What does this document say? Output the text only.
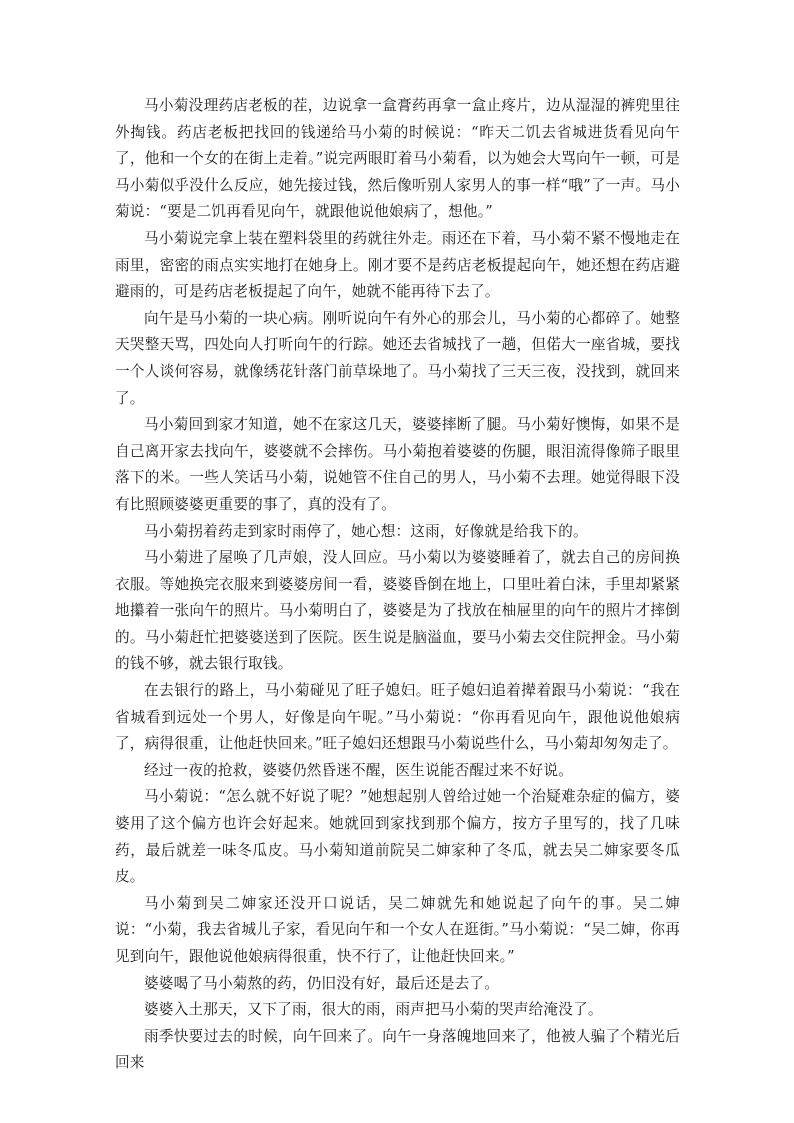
马小菊没理药店老板的茬，边说拿一盒膏药再拿一盒止疼片，边从湿湿的裤兜里往外掏钱。药店老板把找回的钱递给马小菊的时候说：“昨天二饥去省城进货看见向午了，他和一个女的在街上走着。”说完两眼盯着马小菊看，以为她会大骂向午一顿，可是马小菊似乎没什么反应，她先接过钱，然后像听别人家男人的事一样“哦”了一声。马小菊说：“要是二饥再看见向午，就跟他说他娘病了，想他。”

马小菊说完拿上装在塑料袋里的药就往外走。雨还在下着，马小菊不紧不慢地走在雨里，密密的雨点实实地打在她身上。刚才要不是药店老板提起向午，她还想在药店避避雨的，可是药店老板提起了向午，她就不能再待下去了。

向午是马小菊的一块心病。刚听说向午有外心的那会儿，马小菊的心都碎了。她整天哭整天骂，四处向人打听向午的行踪。她还去省城找了一趟，但偌大一座省城，要找一个人谈何容易，就像绣花针落门前草垛地了。马小菊找了三天三夜，没找到，就回来了。

马小菊回到家才知道，她不在家这几天，婆婆摔断了腿。马小菊好懊悔，如果不是自己离开家去找向午，婆婆就不会摔伤。马小菊抱着婆婆的伤腿，眼泪流得像筛子眼里落下的米。一些人笑话马小菊，说她管不住自己的男人，马小菊不去理。她觉得眼下没有比照顾婆婆更重要的事了，真的没有了。

马小菊拐着药走到家时雨停了，她心想：这雨，好像就是给我下的。

马小菊进了屋唤了几声娘，没人回应。马小菊以为婆婆睡着了，就去自己的房间换衣服。等她换完衣服来到婆婆房间一看，婆婆昏倒在地上，口里吐着白沫，手里却紧紧地攥着一张向午的照片。马小菊明白了，婆婆是为了找放在柚屉里的向午的照片才摔倒的。马小菊赶忙把婆婆送到了医院。医生说是脑溢血，要马小菊去交住院押金。马小菊的钱不够，就去银行取钱。

在去银行的路上，马小菊碰见了旺子媳妇。旺子媳妇追着撵着跟马小菊说：“我在省城看到远处一个男人，好像是向午呢。”马小菊说：“你再看见向午，跟他说他娘病了，病得很重，让他赶快回来。”旺子媳妇还想跟马小菊说些什么，马小菊却匆匆走了。

经过一夜的抢救，婆婆仍然昏迷不醒，医生说能否醒过来不好说。

马小菊说：“怎么就不好说了呢？”她想起别人曾给过她一个治疑难杂症的偏方，婆婆用了这个偏方也许会好起来。她就回到家找到那个偏方，按方子里写的，找了几味药，最后就差一味冬瓜皮。马小菊知道前院吴二婶家种了冬瓜，就去吴二婶家要冬瓜皮。

马小菊到吴二婶家还没开口说话，吴二婶就先和她说起了向午的事。吴二婶说：“小菊，我去省城儿子家，看见向午和一个女人在逛街。”马小菊说：“吴二婶，你再见到向午，跟他说他娘病得很重，快不行了，让他赶快回来。”

婆婆喝了马小菊熬的药，仍旧没有好，最后还是去了。

婆婆入土那天，又下了雨，很大的雨，雨声把马小菊的哭声给淹没了。

雨季快要过去的时候，向午回来了。向午一身落魄地回来了，他被人骗了个精光后回来
